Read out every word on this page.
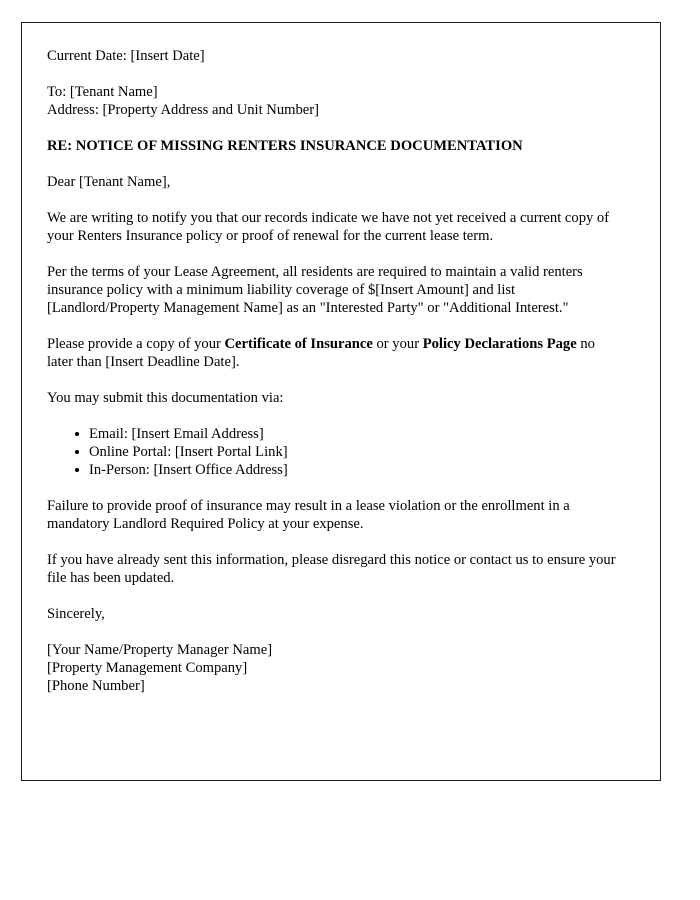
Current Date: [Insert Date]
To: [Tenant Name]
Address: [Property Address and Unit Number]
RE: NOTICE OF MISSING RENTERS INSURANCE DOCUMENTATION
Dear [Tenant Name],

We are writing to notify you that our records indicate we have not yet received a current copy of your Renters Insurance policy or proof of renewal for the current lease term.

Per the terms of your Lease Agreement, all residents are required to maintain a valid renters insurance policy with a minimum liability coverage of $[Insert Amount] and list [Landlord/Property Management Name] as an "Interested Party" or "Additional Interest."

Please provide a copy of your Certificate of Insurance or your Policy Declarations Page no later than [Insert Deadline Date].

You may submit this documentation via:

Email: [Insert Email Address]
Online Portal: [Insert Portal Link]
In-Person: [Insert Office Address]

Failure to provide proof of insurance may result in a lease violation or the enrollment in a mandatory Landlord Required Policy at your expense.

If you have already sent this information, please disregard this notice or contact us to ensure your file has been updated.

Sincerely,
[Your Name/Property Manager Name]
[Property Management Company]
[Phone Number]
